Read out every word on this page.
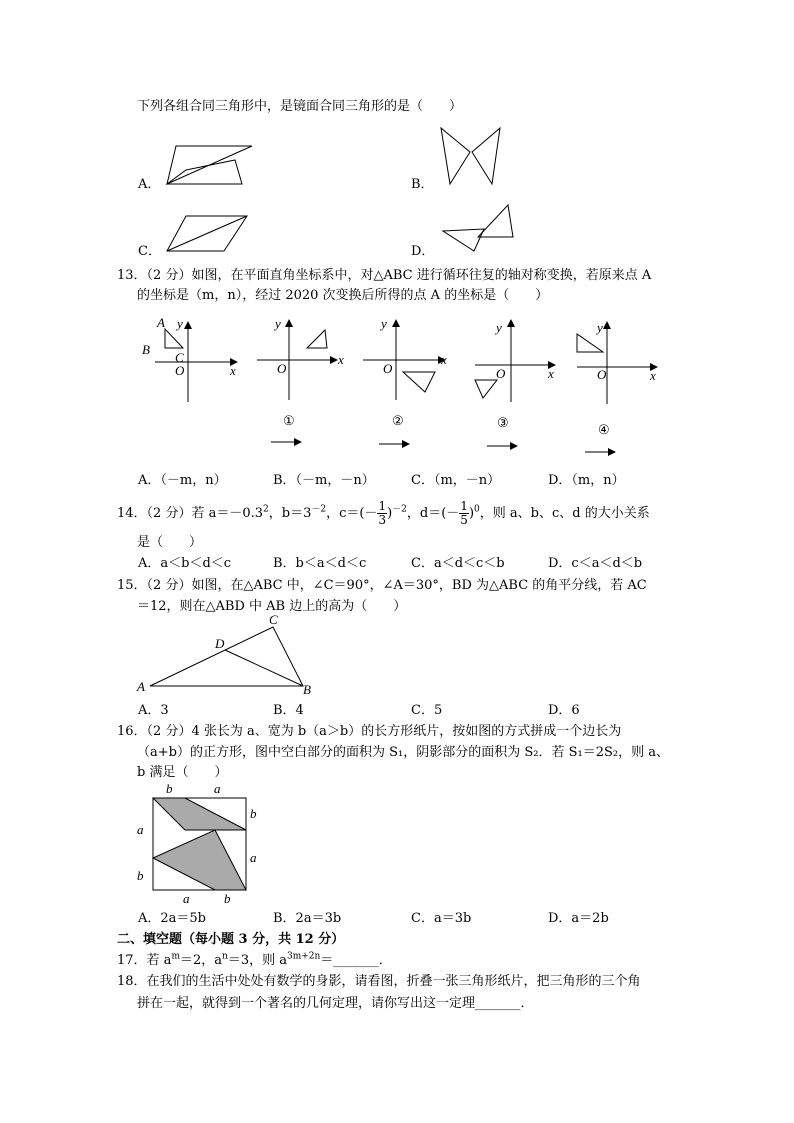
下列各组合同三角形中，是镜面合同三角形的是（　　）
A．	B．
C．	D．
13．（2 分）如图，在平面直角坐标系中，对△ABC 进行循环往复的轴对称变换，若原来点 A
的坐标是（m，n），经过 2020 次变换后所得的点 A 的坐标是（　　）
A
B
C
y
O	x
y
O
x
①
y
O
x
②
y
O	x
③
y
O	x
④
A．（－m，n）	B．（－m，－n）	C．（m，－n）	D．（m，n）
14．（2 分）若 $a=-0.3^2$，$b=3^{-2}$，$c=(- \frac{1}{3} )^{-2}$，$d=(- \frac{1}{5} )^0$，则 a、b、c、d 的大小关系
是（　　）
A．a＜b＜d＜c	B．b＜a＜d＜c	C．a＜d＜c＜b	D．c＜a＜d＜b
15．（2 分）如图，在△ABC 中，∠C＝90°，∠A＝30°，BD 为△ABC 的角平分线，若 AC
＝12，则在△ABD 中 AB 边上的高为（　　）
A	B
C
D
A．3	B．4	C．5	D．6
16．（2 分）4 张长为 a、宽为 b（a＞b）的长方形纸片，按如图的方式拼成一个边长为
（a+b）的正方形，图中空白部分的面积为 S₁，阴影部分的面积为 S₂．若 S₁＝2S₂，则 a、
b 满足（　　）
b	a
a
b
b
a
a	b
A．2a＝5b	B．2a＝3b	C．a＝3b	D．a＝2b
二、填空题（每小题 3 分，共 12 分）
17．若 $a^m=2$，$a^n=3$，则 $a^{3m+2n}=\_\_\_\_\_\_\_$．
18．在我们的生活中处处有数学的身影，请看图，折叠一张三角形纸片，把三角形的三个角
拼在一起，就得到一个著名的几何定理，请你写出这一定理_______．
